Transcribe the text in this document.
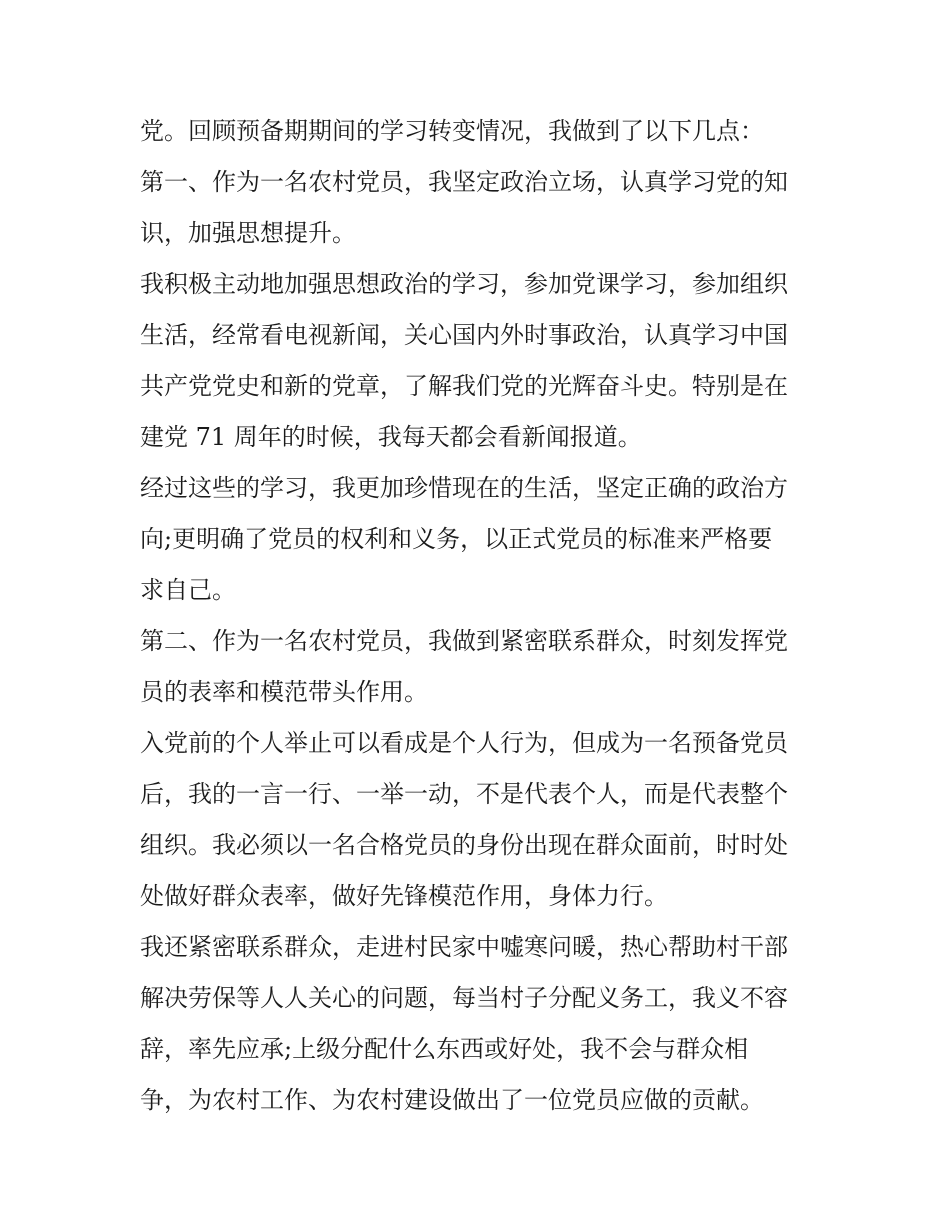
党。回顾预备期期间的学习转变情况，我做到了以下几点：
第一、作为一名农村党员，我坚定政治立场，认真学习党的知
识，加强思想提升。
我积极主动地加强思想政治的学习，参加党课学习，参加组织
生活，经常看电视新闻，关心国内外时事政治，认真学习中国
共产党党史和新的党章，了解我们党的光辉奋斗史。特别是在
建党 71 周年的时候，我每天都会看新闻报道。
经过这些的学习，我更加珍惜现在的生活，坚定正确的政治方
向;更明确了党员的权利和义务，以正式党员的标准来严格要
求自己。
第二、作为一名农村党员，我做到紧密联系群众，时刻发挥党
员的表率和模范带头作用。
入党前的个人举止可以看成是个人行为，但成为一名预备党员
后，我的一言一行、一举一动，不是代表个人，而是代表整个
组织。我必须以一名合格党员的身份出现在群众面前，时时处
处做好群众表率，做好先锋模范作用，身体力行。
我还紧密联系群众，走进村民家中嘘寒问暖，热心帮助村干部
解决劳保等人人关心的问题，每当村子分配义务工，我义不容
辞，率先应承;上级分配什么东西或好处，我不会与群众相
争，为农村工作、为农村建设做出了一位党员应做的贡献。
